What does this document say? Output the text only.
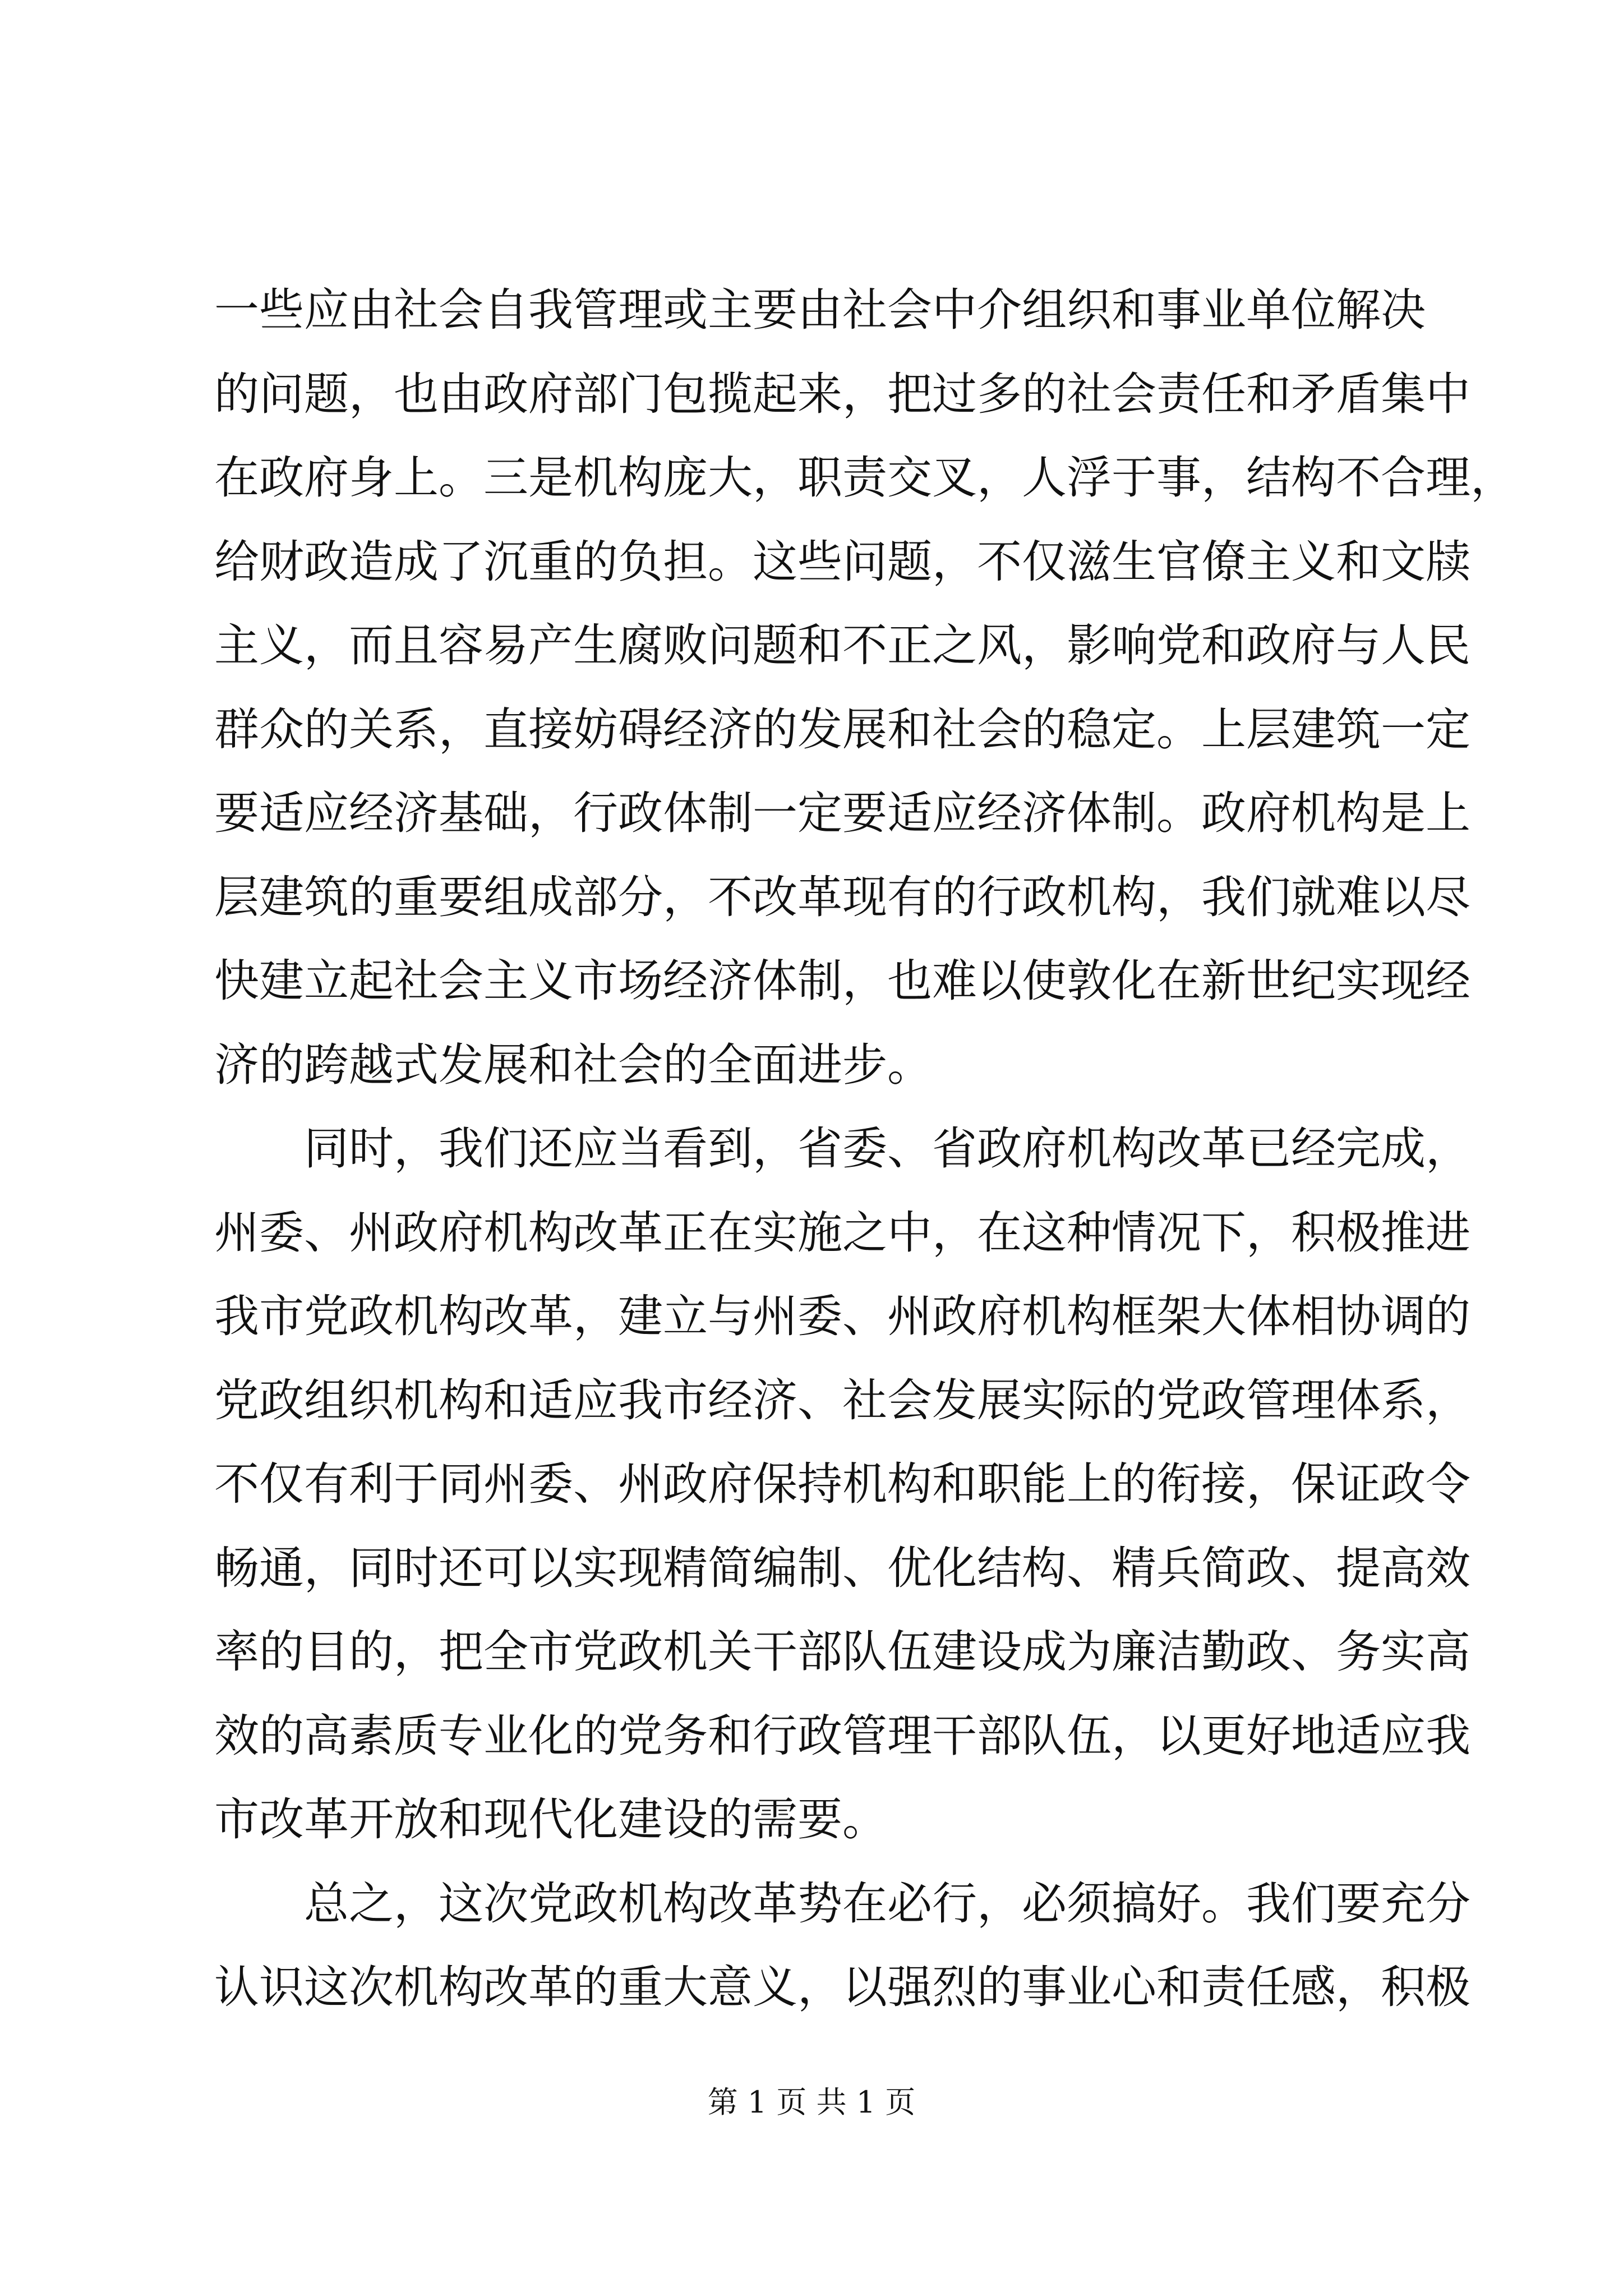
一些应由社会自我管理或主要由社会中介组织和事业单位解决
的问题，也由政府部门包揽起来，把过多的社会责任和矛盾集中
在政府身上。三是机构庞大，职责交叉，人浮于事，结构不合理，
给财政造成了沉重的负担。这些问题，不仅滋生官僚主义和文牍
主义，而且容易产生腐败问题和不正之风，影响党和政府与人民
群众的关系，直接妨碍经济的发展和社会的稳定。上层建筑一定
要适应经济基础，行政体制一定要适应经济体制。政府机构是上
层建筑的重要组成部分，不改革现有的行政机构，我们就难以尽
快建立起社会主义市场经济体制，也难以使敦化在新世纪实现经
济的跨越式发展和社会的全面进步。
同时，我们还应当看到，省委、省政府机构改革已经完成，
州委、州政府机构改革正在实施之中，在这种情况下，积极推进
我市党政机构改革，建立与州委、州政府机构框架大体相协调的
党政组织机构和适应我市经济、社会发展实际的党政管理体系，
不仅有利于同州委、州政府保持机构和职能上的衔接，保证政令
畅通，同时还可以实现精简编制、优化结构、精兵简政、提高效
率的目的，把全市党政机关干部队伍建设成为廉洁勤政、务实高
效的高素质专业化的党务和行政管理干部队伍，以更好地适应我
市改革开放和现代化建设的需要。
总之，这次党政机构改革势在必行，必须搞好。我们要充分
认识这次机构改革的重大意义，以强烈的事业心和责任感，积极
第 1 页 共 1 页
